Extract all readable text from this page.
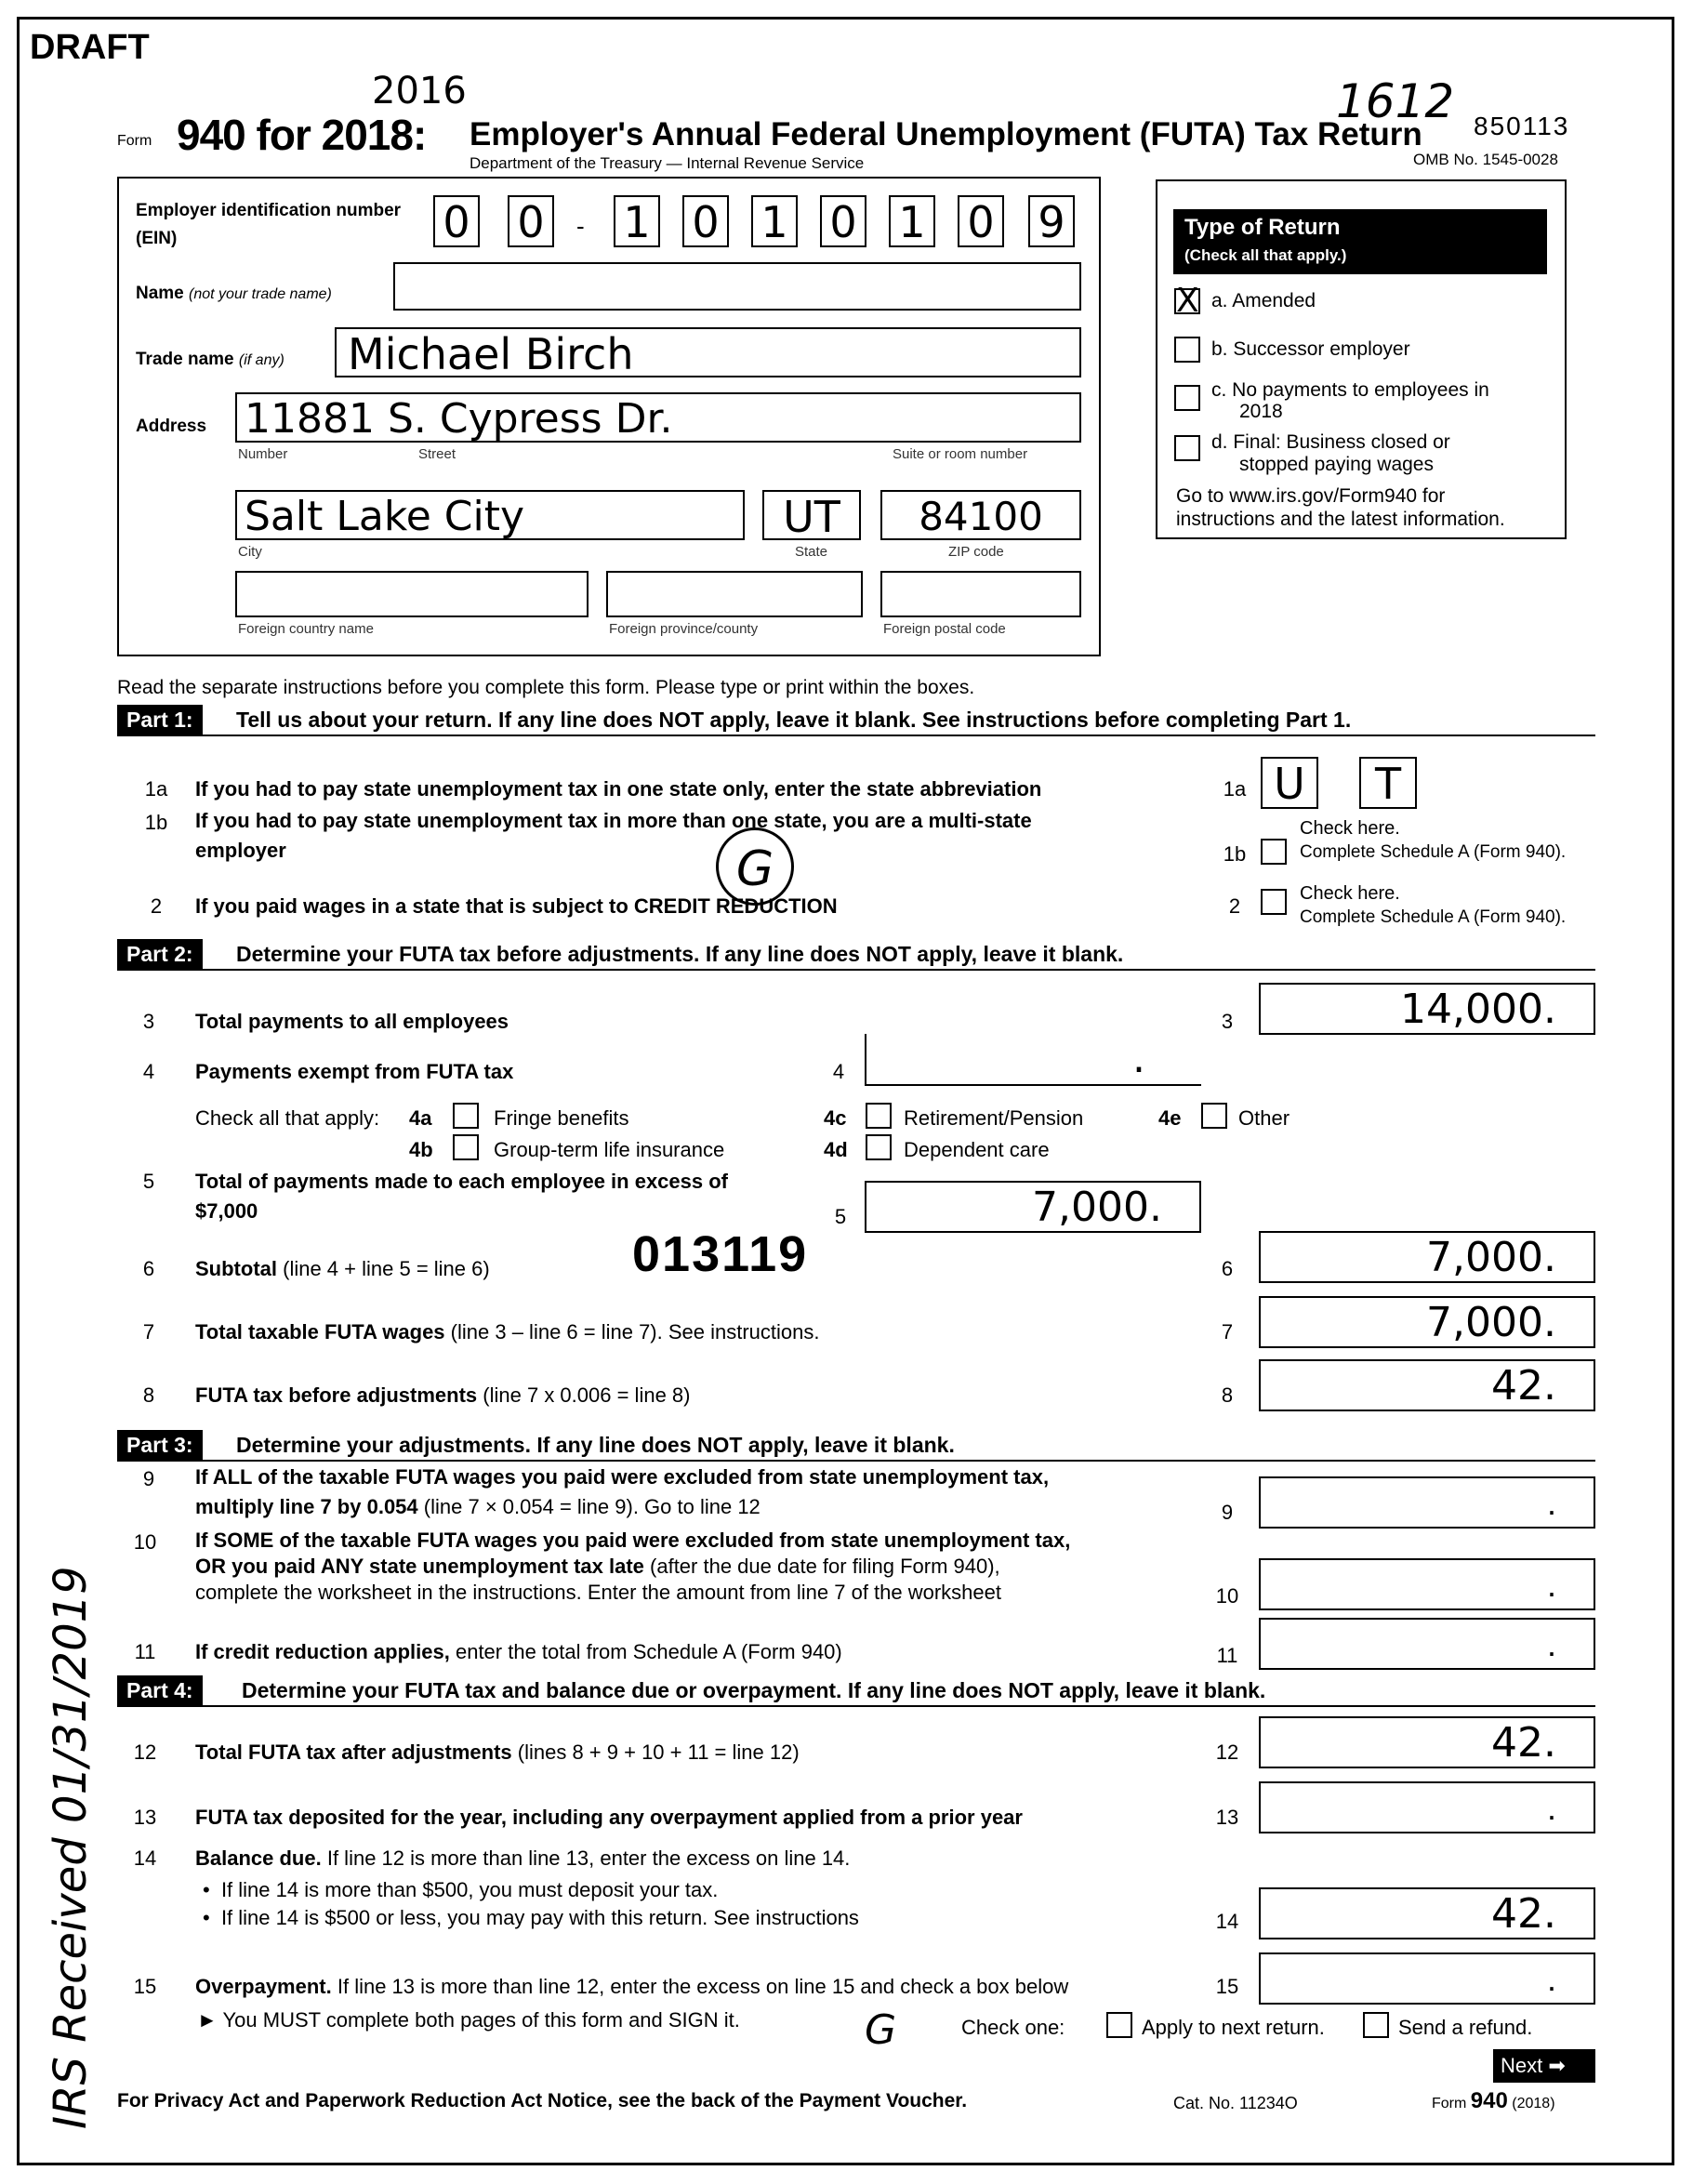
DRAFT
Form 940 for 2018:
2016
Employer's Annual Federal Unemployment (FUTA) Tax Return
1612 850113
Department of the Treasury — Internal Revenue Service	OMB No. 1545-0028
Employer identification number
(EIN)	0 0	- 1 0 1 0 1 0 9
Name (not your trade name)
Trade name (if any)	Michael Birch
Address 11881 S. Cypress Dr.
Number	Street	Suite or room number
Salt Lake City	UT	84100
City	State	ZIP code
Foreign country name	Foreign province/county	Foreign postal code
Type of Return
(Check all that apply.)
X a. Amended
b. Successor employer
c. No payments to employees in
2018
d. Final: Business closed or
stopped paying wages
Go to www.irs.gov/Form940 for
instructions and the latest information.
Read the separate instructions before you complete this form. Please type or print within the boxes.
Part 1:	Tell us about your return. If any line does NOT apply, leave it blank. See instructions before completing Part 1.
1a	If you had to pay state unemployment tax in one state only, enter the state abbreviation	1a U	T
1b	If you had to pay state unemployment tax in more than one state, you are a multi-state
employer	1b
Check here.
Complete Schedule A (Form 940).
G
2	If you paid wages in a state that is subject to CREDIT REDUCTION	2
Check here.
Complete Schedule A (Form 940).
Part 2:	Determine your FUTA tax before adjustments. If any line does NOT apply, leave it blank.
3	Total payments to all employees	3	14,000.
4	Payments exempt from FUTA tax	4	.
Check all that apply: 4a	Fringe benefits
4b	Group-term life insurance
4c	Retirement/Pension
4d	Dependent care
4e	Other
5	Total of payments made to each employee in excess of
$7,000	5	7,000.
6	Subtotal (line 4 + line 5 = line 6)	013119	6	7,000.
7	Total taxable FUTA wages (line 3 – line 6 = line 7). See instructions.	7	7,000.
8	FUTA tax before adjustments (line 7 x 0.006 = line 8)	8	42.
Part 3:	Determine your adjustments. If any line does NOT apply, leave it blank.
9	If ALL of the taxable FUTA wages you paid were excluded from state unemployment tax,
multiply line 7 by 0.054 (line 7 × 0.054 = line 9). Go to line 12	9	.
10	If SOME of the taxable FUTA wages you paid were excluded from state unemployment tax,
OR you paid ANY state unemployment tax late (after the due date for filing Form 940),
complete the worksheet in the instructions. Enter the amount from line 7 of the worksheet	10	.
11	If credit reduction applies, enter the total from Schedule A (Form 940)	11	.
Part 4:	Determine your FUTA tax and balance due or overpayment. If any line does NOT apply, leave it blank.
12	Total FUTA tax after adjustments (lines 8 + 9 + 10 + 11 = line 12)	12	42.
13	FUTA tax deposited for the year, including any overpayment applied from a prior year	13	.
14	Balance due. If line 12 is more than line 13, enter the excess on line 14.
•  If line 14 is more than $500, you must deposit your tax.
•  If line 14 is $500 or less, you may pay with this return. See instructions	14	42.
15	Overpayment. If line 13 is more than line 12, enter the excess on line 15 and check a box below	15	.
► You MUST complete both pages of this form and SIGN it.	G	Check one:	Apply to next return.	Send a refund.
Next ➡
IRS Received 01/31/2019	For Privacy Act and Paperwork Reduction Act Notice, see the back of the Payment Voucher.	Cat. No. 11234O	Form 940 (2018)
